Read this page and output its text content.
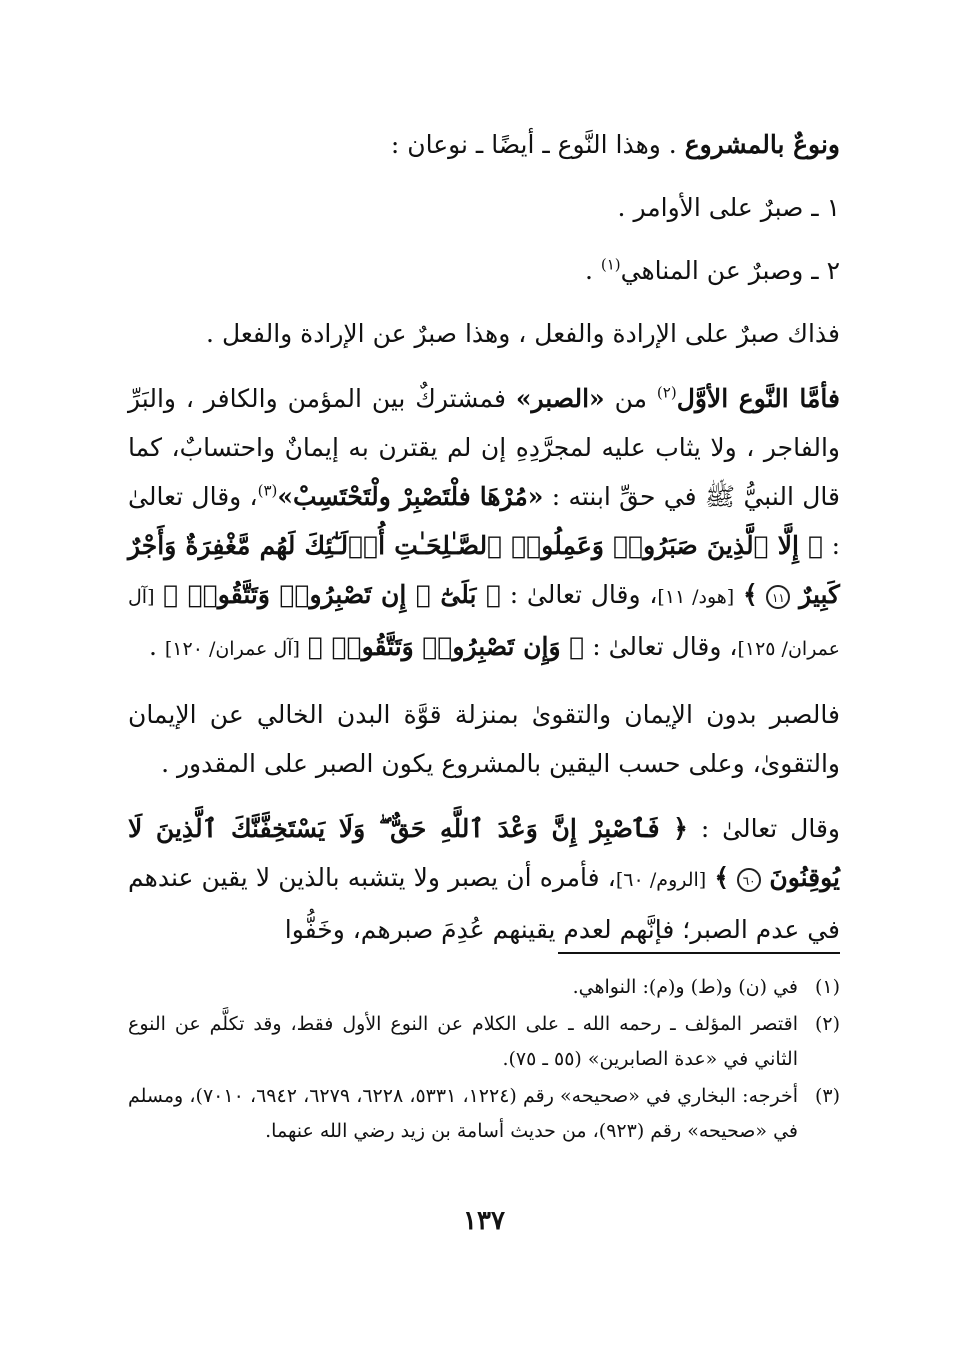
ونوعٌ بالمشروع . وهذا النَّوع ـ أيضًا ـ نوعان :

١ ـ صبرٌ على الأوامر .

٢ ـ وصبرٌ عن المناهي$^{(١)}$ .

فذاك صبرٌ على الإرادة والفعل ، وهذا صبرٌ عن الإرادة والفعل .

فأمَّا النَّوع الأوَّل$^{(٢)}$ من «الصبر» فمشتركٌ بين المؤمن والكافر ، والبَرِّ والفاجر ، ولا يثاب عليه لمجرَّدِهِ إن لم يقترن به إيمانٌ واحتسابٌ، كما قال النبيُّ ﷺ في حقِّ ابنته : «مُرْهَا فلْتَصْبِرْ ولْتَحْتَسِبْ»$^{(٣)}$، وقال تعالىٰ : ﴿ إِلَّا ٱلَّذِينَ صَبَرُوا۟ وَعَمِلُوا۟ ٱلصَّـٰلِحَـٰتِ أُو۟لَـٰٓئِكَ لَهُم مَّغْفِرَةٌ وَأَجْرٌ كَبِيرٌ ١١ ﴾ [هود/ ١١]، وقال تعالىٰ : ﴿ بَلَىٰٓ ۚ إِن تَصْبِرُوا۟ وَتَتَّقُوا۟ ﴾ [آل عمران/ ١٢٥]، وقال تعالىٰ : ﴿ وَإِن تَصْبِرُوا۟ وَتَتَّقُوا۟ ﴾ [آل عمران/ ١٢٠] .

فالصبر بدون الإيمان والتقوىٰ بمنزلة قوَّة البدن الخالي عن الإيمان والتقوىٰ، وعلى حسب اليقين بالمشروع يكون الصبر على المقدور .

وقال تعالىٰ : ﴿ فَٱصْبِرْ إِنَّ وَعْدَ ٱللَّهِ حَقٌّ ۖ وَلَا يَسْتَخِفَّنَّكَ ٱلَّذِينَ لَا يُوقِنُونَ ٦٠ ﴾ [الروم/ ٦٠]، فأمره أن يصبر ولا يتشبه بالذين لا يقين عندهم في عدم الصبر؛ فإنَّهم لعدم يقينهم عُدِمَ صبرهم، وخَفُّوا

(١)
في (ن) و(ط) و(م): النواهي.
(٢)
اقتصر المؤلف ـ رحمه الله ـ على الكلام عن النوع الأول فقط، وقد تكلَّم عن النوع الثاني في «عدة الصابرين» (٥٥ ـ ٧٥).
(٣)
أخرجه: البخاري في «صحيحه» رقم (١٢٢٤، ٥٣٣١، ٦٢٢٨، ٦٢٧٩، ٦٩٤٢، ٧٠١٠)، ومسلم في «صحيحه» رقم (٩٢٣)، من حديث أسامة بن زيد رضي الله عنهما.
١٣٧
